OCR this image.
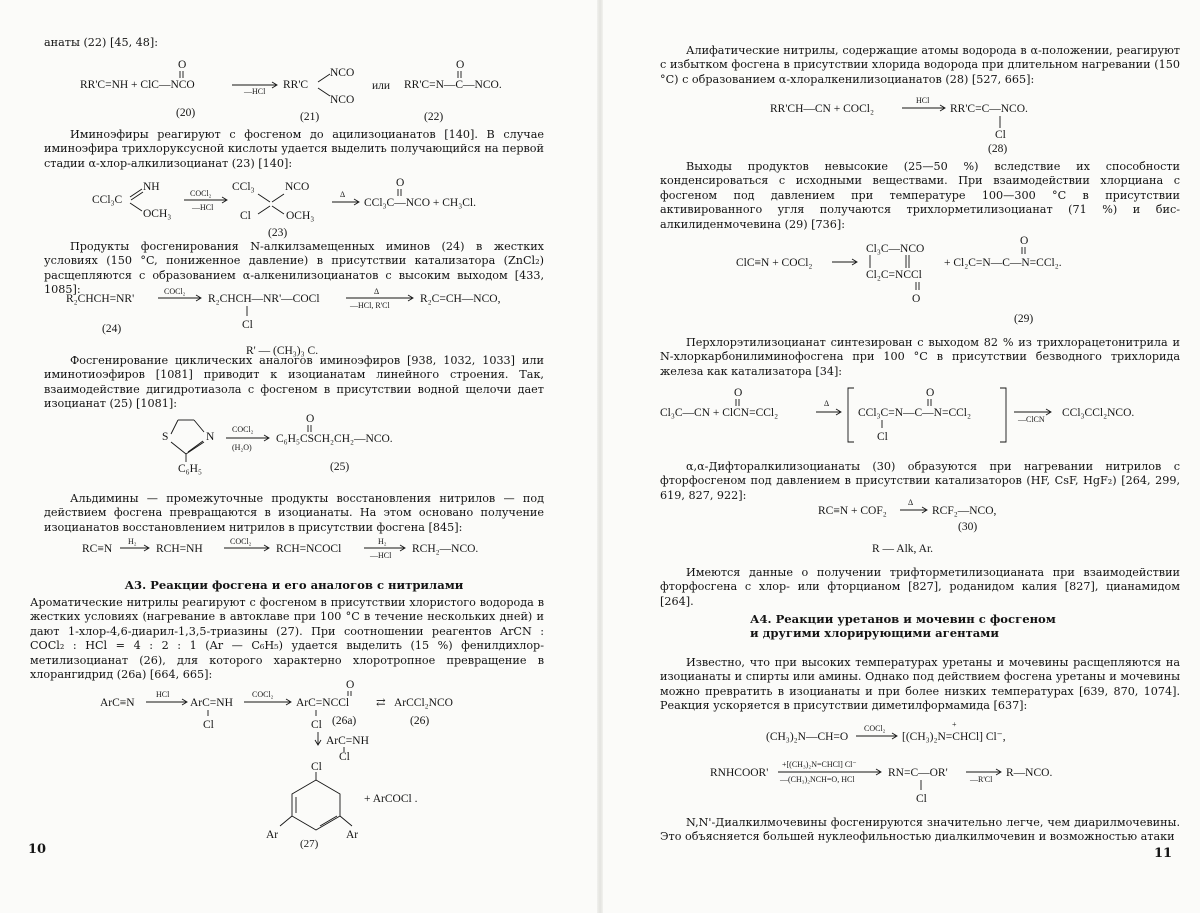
анаты (22) [45, 48]:

RR'C=NH + ClC—NCO
O
—HCl
RR'C
NCO
NCO
или RR'C=N—C—NCO.
O
(20)	(21)	(22)

Иминоэфиры реагируют с фосгеном до ацилизоцианатов [140]. В случае иминоэфира трихлоруксусной кислоты удается выделить получающийся на первой стадии α-хлор-алкилизоцианат (23) [140]:

CCl₃C
NH
OCH₃
COCl₂
—HCl
CCl₃
Cl
NCO
OCH₃
Δ
CCl₃C—NCO + CH₃Cl.
O
(23)

Продукты фосгенирования N-алкилзамещенных иминов (24) в жестких условиях (150 °C, пониженное давление) в присутствии катализатора (ZnCl₂) расщепляются с образованием α-алкенилизоцианатов с высоким выходом [433, 1085]:

R₂CHCH=NR'
COCl₂
R₂CHCH—NR'—COCl
Cl
Δ
—HCl, R'Cl
R₂C=CH—NCO,
(24)
R' — (CH₃)₃ C.

Фосгенирование циклических аналогов иминоэфиров [938, 1032, 1033] или иминотиоэфиров [1081] приводит к изоцианатам линейного строения. Так, взаимодействие дигидротиазола с фосгеном в присутствии водной щелочи дает изоцианат (25) [1081]:

S	N
C₆H₅
COCl₂
(H₂O)
C₆H₅CSCH₂CH₂—NCO.
O
(25)

Альдимины — промежуточные продукты восстановления нитрилов — под действием фосгена превращаются в изоцианаты. На этом основано получение изоцианатов восстановлением нитрилов в присутствии фосгена [845]:

RC≡N
H₂
RCH=NH
COCl₂
RCH=NCOCl
H₂
—HCl
RCH₂—NCO.

А3. Реакции фосгена и его аналогов с нитрилами

Ароматические нитрилы реагируют с фосгеном в присутствии хлористого водорода в жестких условиях (нагревание в автоклаве при 100 °C в течение нескольких дней) и дают 1-хлор-4,6-диарил-1,3,5-триазины (27). При соотношении реагентов ArCN : COCl₂ : HCl = 4 : 2 : 1 (Ar — C₆H₅) удается выделить (15 %) фенилдихлор-метилизоцианат (26), для которого характерно хлоротропное превращение в хлорангидрид (26а) [664, 665]:

ArC≡N
HCl
ArC=NH
Cl
COCl₂
ArC=NCCl
O
Cl (26a)
⇄ ArCCl₂NCO
(26)
ArC=NH
Cl
Cl
Ar	Ar
+ ArCOCl .
(27)
10

Алифатические нитрилы, содержащие атомы водорода в α-положении, реагируют с избытком фосгена в присутствии хлорида водорода при длительном нагревании (150 °C) с образованием α-хлоралкенилизоцианатов (28) [527, 665]:

RR'CH—CN + COCl₂
HCl
RR'C=C—NCO.
Cl
(28)

Выходы продуктов невысокие (25—50 %) вследствие их способности конденсироваться с исходными веществами. При взаимодействии хлорциана с фосгеном под давлением при температуре 100—300 °C в присутствии активированного угля получаются трихлорметилизоцианат (71 %) и бис-алкилиденмочевина (29) [736]:

ClC≡N + COCl₂
Cl₃C—NCO
Cl₂C=NCCl
O
+ Cl₂C=N—C—N=CCl₂.
O
(29)

Перхлорэтилизоцианат синтезирован с выходом 82 % из трихлорацетонитрила и N-хлоркарбонилиминофосгена при 100 °C в присутствии безводного трихлорида железа как катализатора [34]:

Cl₃C—CN + ClCN=CCl₂
O
Δ
CCl₃C=N—C—N=CCl₂
O
Cl
—ClCN
CCl₃CCl₂NCO.

α,α-Дифторалкилизоцианаты (30) образуются при нагревании нитрилов с фторфосгеном под давлением в присутствии катализаторов (HF, CsF, HgF₂) [264, 299, 619, 827, 922]:

RC≡N + COF₂
Δ
RCF₂—NCO,
(30)
R — Alk, Ar.

Имеются данные о получении трифторметилизоцианата при взаимодействии фторфосгена с хлор- или фторцианом [827], роданидом калия [827], цианамидом [264].

А4. Реакции уретанов и мочевин с фосгеном

и другими хлорирующими агентами

Известно, что при высоких температурах уретаны и мочевины расщепляются на изоцианаты и спирты или амины. Однако под действием фосгена уретаны и мочевины можно превратить в изоцианаты и при более низких температурах [639, 870, 1074]. Реакция ускоряется в присутствии диметилформамида [637]:

(CH₃)₂N—CH=O
COCl₂
[(CH₃)₂N=CHCl] Cl⁻,
+
RNHCOOR'
+[(CH₃)₂N=CHCl] Cl⁻
—(CH₃)₂NCH=O, HCl
RN=C—OR'
Cl
—R'Cl
R—NCO.

N,N'-Диалкилмочевины фосгенируются значительно легче, чем диарилмочевины. Это объясняется большей нуклеофильностью диалкилмочевин и возможностью атаки

11
